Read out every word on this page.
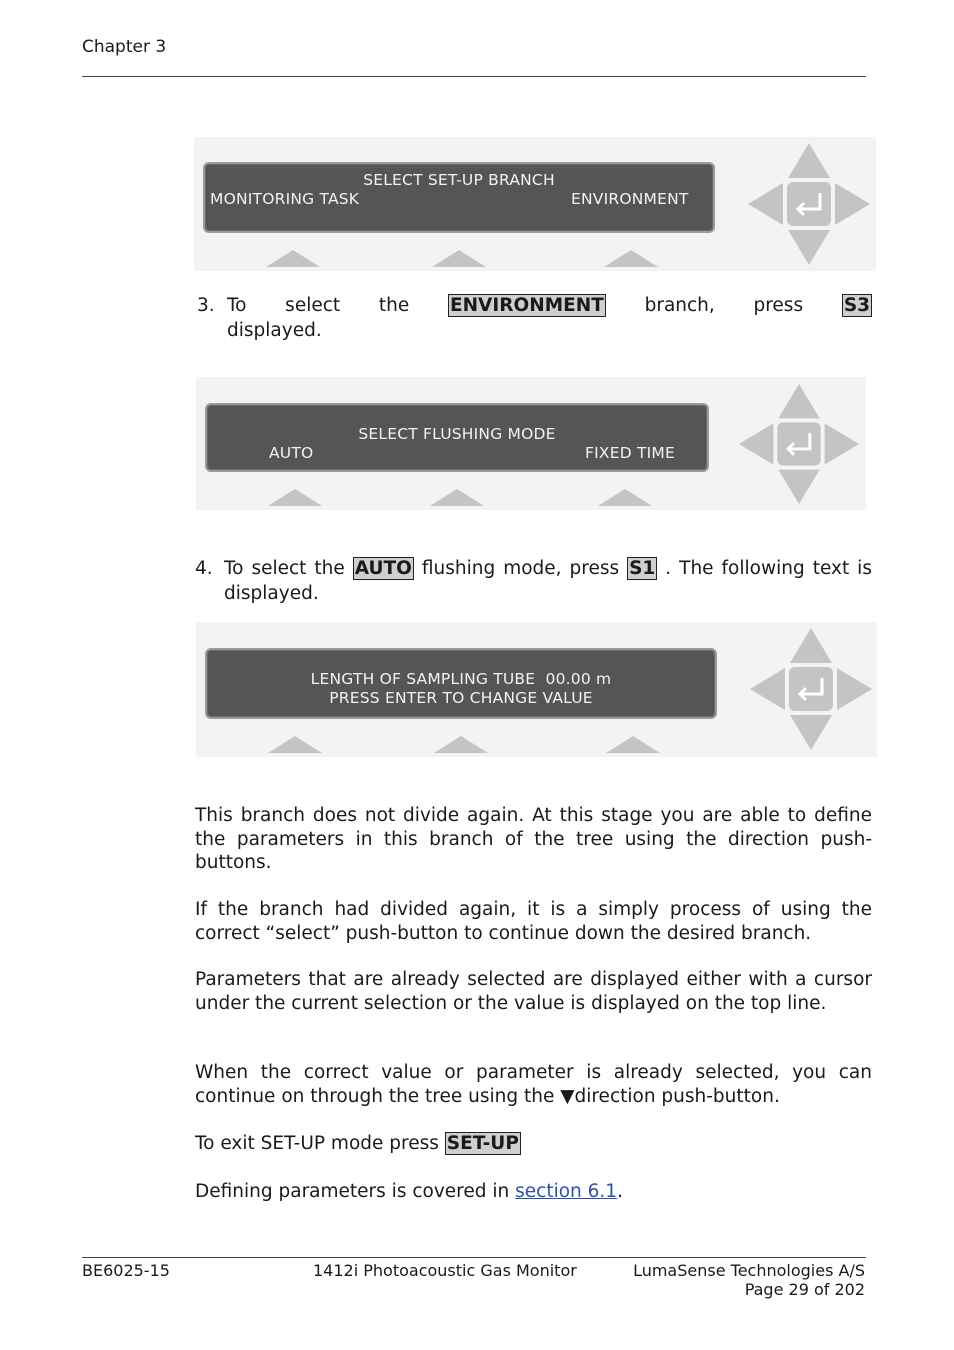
Chapter 3
SELECT SET-UP BRANCH
MONITORING TASK	ENVIRONMENT
3. To select the ENVIRONMENT branch, press S3
displayed.
SELECT FLUSHING MODE
AUTO	FIXED TIME
4. To select the AUTO flushing mode, press S1 . The following text is
displayed.
LENGTH OF SAMPLING TUBE  00.00 m
PRESS ENTER TO CHANGE VALUE
This branch does not divide again. At this stage you are able to define the parameters in this branch of the tree using the direction push-buttons.
If the branch had divided again, it is a simply process of using the correct “select” push-button to continue down the desired branch.
Parameters that are already selected are displayed either with a cursor under the current selection or the value is displayed on the top line.
When the correct value or parameter is already selected, you can continue on through the tree using the ▼direction push-button.
To exit SET-UP mode press SET-UP
Defining parameters is covered in section 6.1.
BE6025-15	1412i Photoacoustic Gas Monitor	LumaSense Technologies A/S
Page 29 of 202
